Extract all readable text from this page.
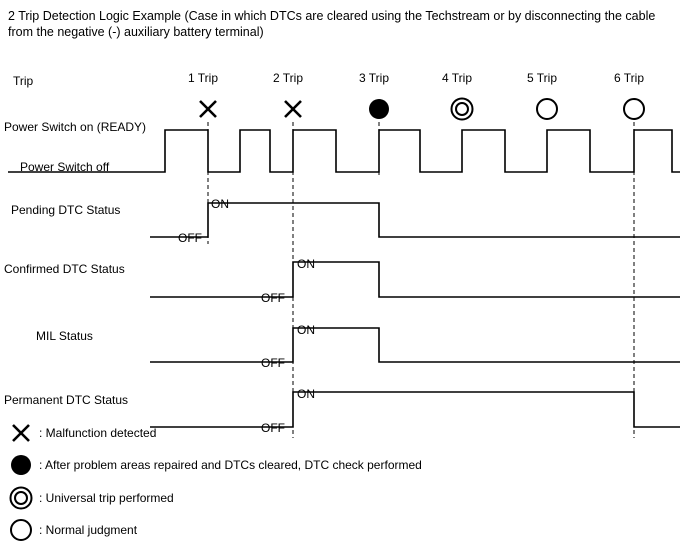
2 Trip Detection Logic Example (Case in which DTCs are cleared using the Techstream or by disconnecting the cable from the negative (-) auxiliary battery terminal)
Trip	1 Trip	2 Trip	3 Trip	4 Trip	5 Trip	6 Trip
Power Switch on (READY)
Power Switch off
Pending DTC Status
Confirmed DTC Status
MIL Status
Permanent DTC Status
ON
OFF
ON
OFF
ON
OFF
ON
OFF
: Malfunction detected
: After problem areas repaired and DTCs cleared, DTC check performed
: Universal trip performed
: Normal judgment
